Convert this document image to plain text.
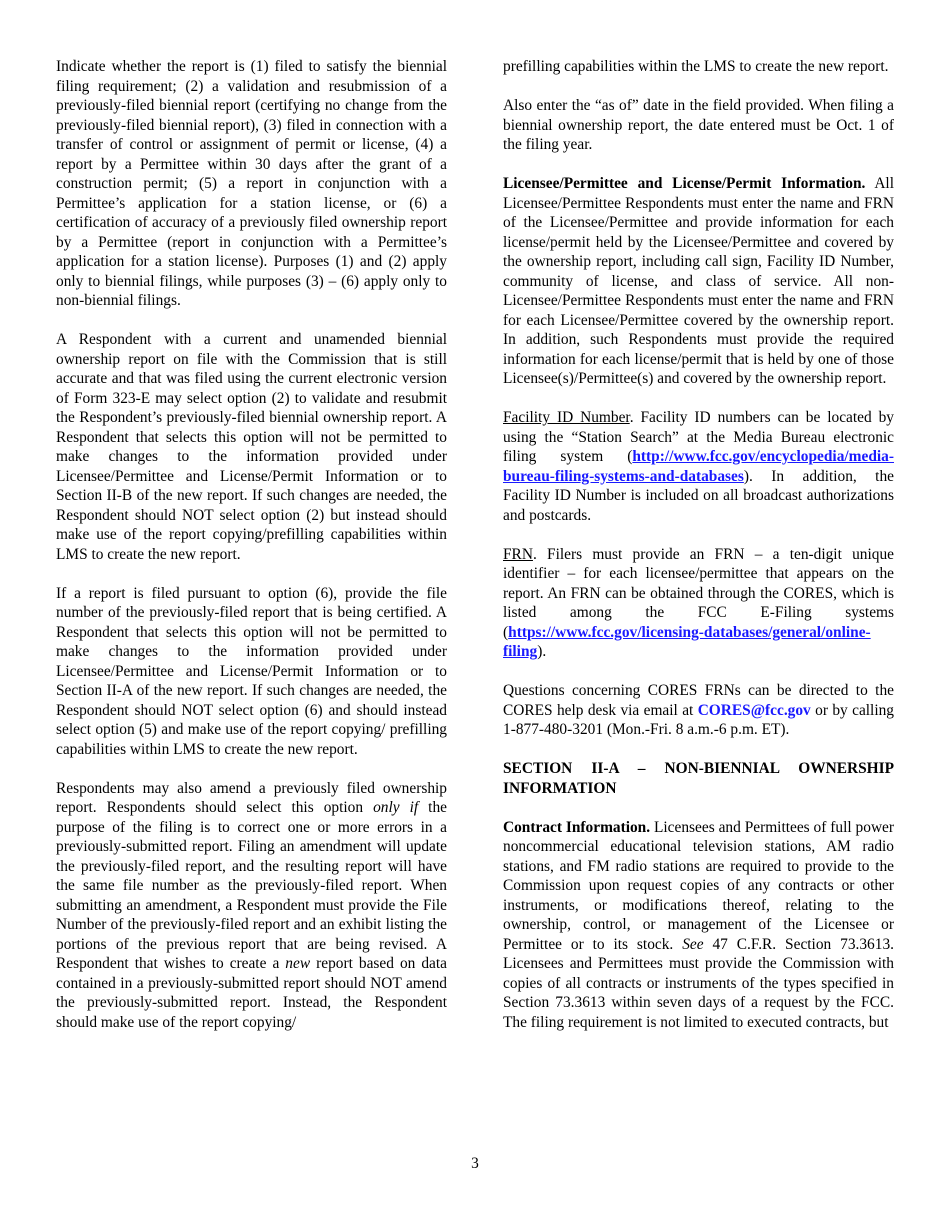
Indicate whether the report is (1) filed to satisfy the biennial filing requirement; (2) a validation and resubmission of a previously-filed biennial report (certifying no change from the previously-filed biennial report), (3) filed in connection with a transfer of control or assignment of permit or license, (4) a report by a Permittee within 30 days after the grant of a construction permit; (5) a report in conjunction with a Permittee’s application for a station license, or (6) a certification of accuracy of a previously filed ownership report by a Permittee (report in conjunction with a Permittee’s application for a station license). Purposes (1) and (2) apply only to biennial filings, while purposes (3) – (6) apply only to non-biennial filings.

A Respondent with a current and unamended biennial ownership report on file with the Commission that is still accurate and that was filed using the current electronic version of Form 323-E may select option (2) to validate and resubmit the Respondent’s previously-filed biennial ownership report. A Respondent that selects this option will not be permitted to make changes to the information provided under Licensee/Permittee and License/Permit Information or to Section II-B of the new report. If such changes are needed, the Respondent should NOT select option (2) but instead should make use of the report copying/prefilling capabilities within LMS to create the new report.

If a report is filed pursuant to option (6), provide the file number of the previously-filed report that is being certified. A Respondent that selects this option will not be permitted to make changes to the information provided under Licensee/Permittee and License/Permit Information or to Section II-A of the new report. If such changes are needed, the Respondent should NOT select option (6) and should instead select option (5) and make use of the report copying/ prefilling capabilities within LMS to create the new report.

Respondents may also amend a previously filed ownership report. Respondents should select this option only if the purpose of the filing is to correct one or more errors in a previously-submitted report. Filing an amendment will update the previously-filed report, and the resulting report will have the same file number as the previously-filed report. When submitting an amendment, a Respondent must provide the File Number of the previously-filed report and an exhibit listing the portions of the previous report that are being revised. A Respondent that wishes to create a new report based on data contained in a previously-submitted report should NOT amend the previously-submitted report. Instead, the Respondent should make use of the report copying/

prefilling capabilities within the LMS to create the new report.

Also enter the “as of” date in the field provided. When filing a biennial ownership report, the date entered must be Oct. 1 of the filing year.

Licensee/Permittee and License/Permit Information. All Licensee/Permittee Respondents must enter the name and FRN of the Licensee/Permittee and provide information for each license/permit held by the Licensee/Permittee and covered by the ownership report, including call sign, Facility ID Number, community of license, and class of service. All non-Licensee/Permittee Respondents must enter the name and FRN for each Licensee/Permittee covered by the ownership report. In addition, such Respondents must provide the required information for each license/permit that is held by one of those Licensee(s)/Permittee(s) and covered by the ownership report.

Facility ID Number. Facility ID numbers can be located by using the “Station Search” at the Media Bureau electronic filing system (http://www.fcc.gov/encyclopedia/media-bureau-filing-systems-and-databases). In addition, the Facility ID Number is included on all broadcast authorizations and postcards.

FRN. Filers must provide an FRN – a ten-digit unique identifier – for each licensee/permittee that appears on the report. An FRN can be obtained through the CORES, which is listed among the FCC E-Filing systems (https://www.fcc.gov/licensing-databases/general/online-filing).

Questions concerning CORES FRNs can be directed to the CORES help desk via email at CORES@fcc.gov or by calling 1-877-480-3201 (Mon.-Fri. 8 a.m.-6 p.m. ET).

SECTION II-A – NON-BIENNIAL OWNERSHIP INFORMATION

Contract Information. Licensees and Permittees of full power noncommercial educational television stations, AM radio stations, and FM radio stations are required to provide to the Commission upon request copies of any contracts or other instruments, or modifications thereof, relating to the ownership, control, or management of the Licensee or Permittee or to its stock. See 47 C.F.R. Section 73.3613. Licensees and Permittees must provide the Commission with copies of all contracts or instruments of the types specified in Section 73.3613 within seven days of a request by the FCC. The filing requirement is not limited to executed contracts, but

3
